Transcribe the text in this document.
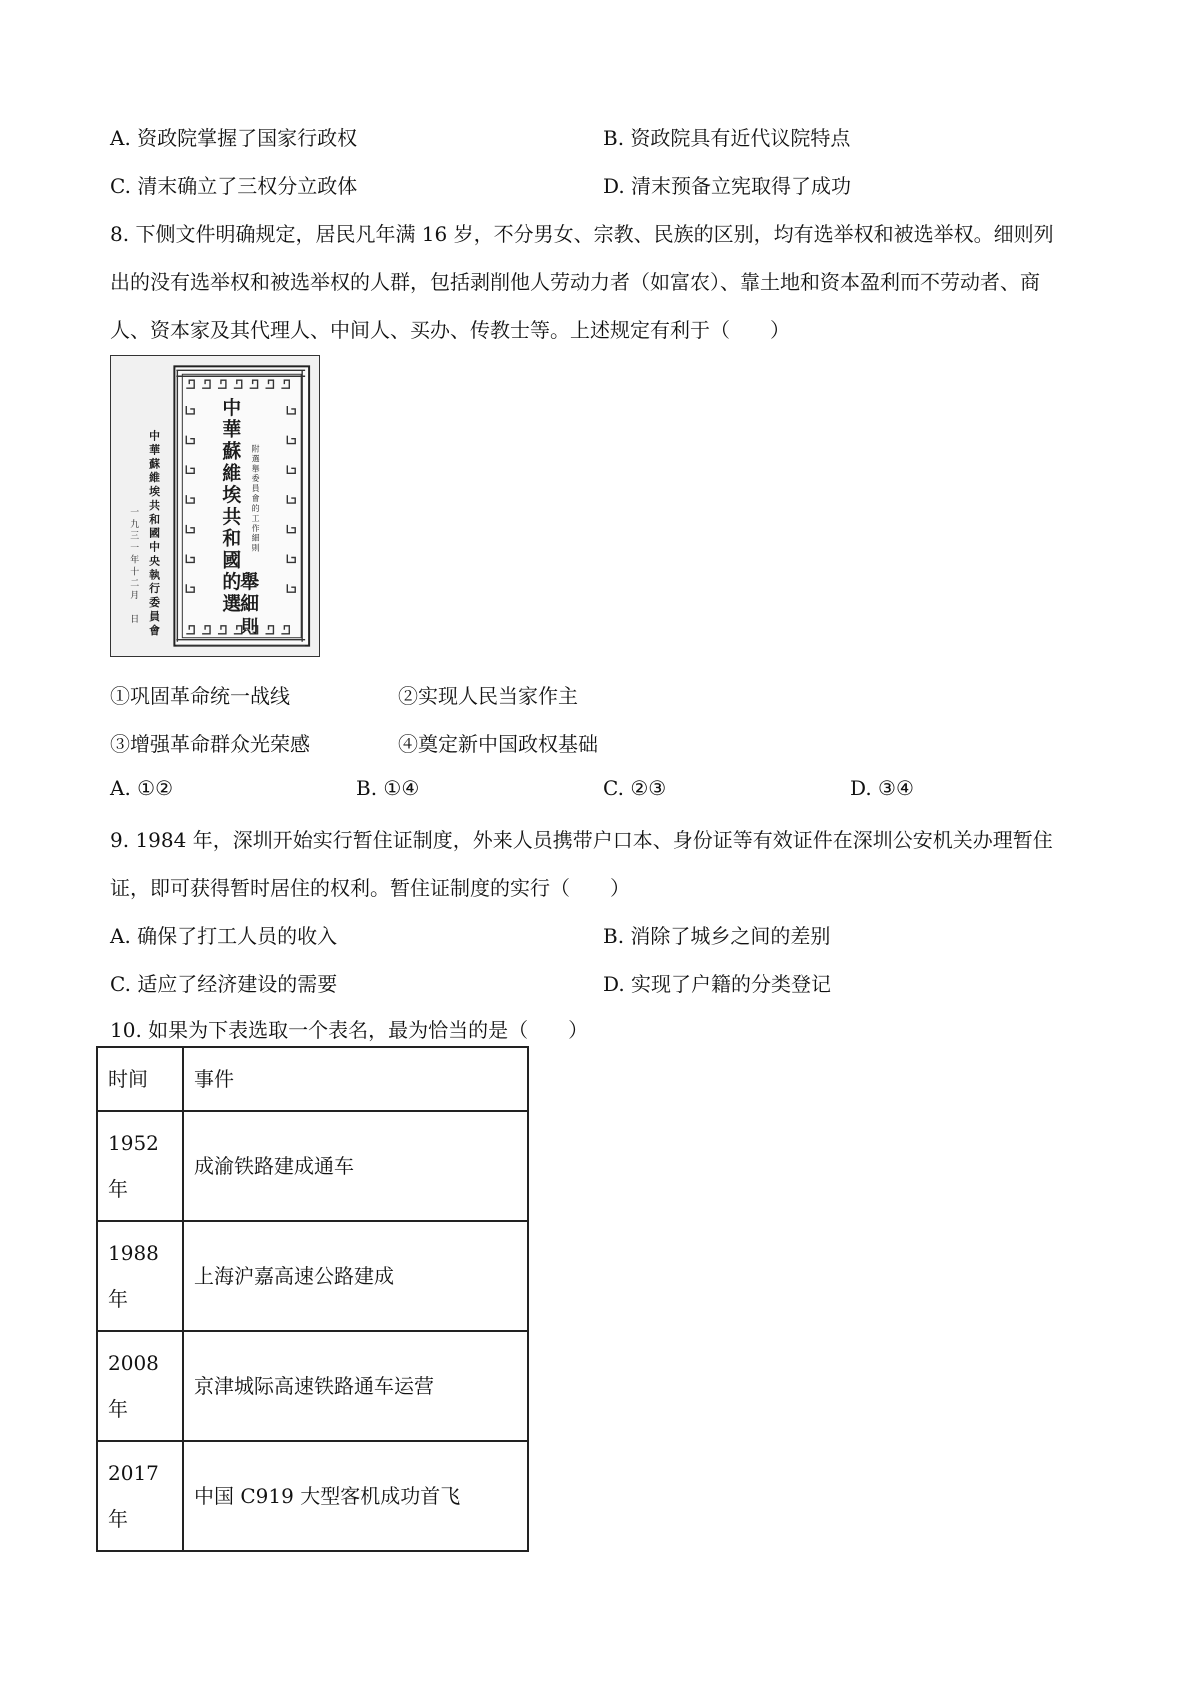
A. 资政院掌握了国家行政权	B. 资政院具有近代议院特点
C. 清末确立了三权分立政体	D. 清末预备立宪取得了成功
8. 下侧文件明确规定，居民凡年满 16 岁，不分男女、宗教、民族的区别，均有选举权和被选举权。细则列
出的没有选举权和被选举权的人群，包括剥削他人劳动力者（如富农）、靠土地和资本盈利而不劳动者、商
人、资本家及其代理人、中间人、买办、传教士等。上述规定有利于（　　）
中
華
蘇
維
埃
共
和
國
的
選
舉
細
則
附
選
舉
委
員
會
的
工
作
細
則
中
華
蘇
維
埃
共
和
國
中
央
執
行
委
員
會
一
九
三
一
年
十
二
月
日
①巩固革命统一战线	②实现人民当家作主
③增强革命群众光荣感	④奠定新中国政权基础
A. ①②	B. ①④	C. ②③	D. ③④
9. 1984 年，深圳开始实行暂住证制度，外来人员携带户口本、身份证等有效证件在深圳公安机关办理暂住
证，即可获得暂时居住的权利。暂住证制度的实行（　　）
A. 确保了打工人员的收入	B. 消除了城乡之间的差别
C. 适应了经济建设的需要	D. 实现了户籍的分类登记
10. 如果为下表选取一个表名，最为恰当的是（　　）
时间	事件

1952
年	成渝铁路建成通车

1988
年	上海沪嘉高速公路建成

2008
年	京津城际高速铁路通车运营

2017
年	中国 C919 大型客机成功首飞
